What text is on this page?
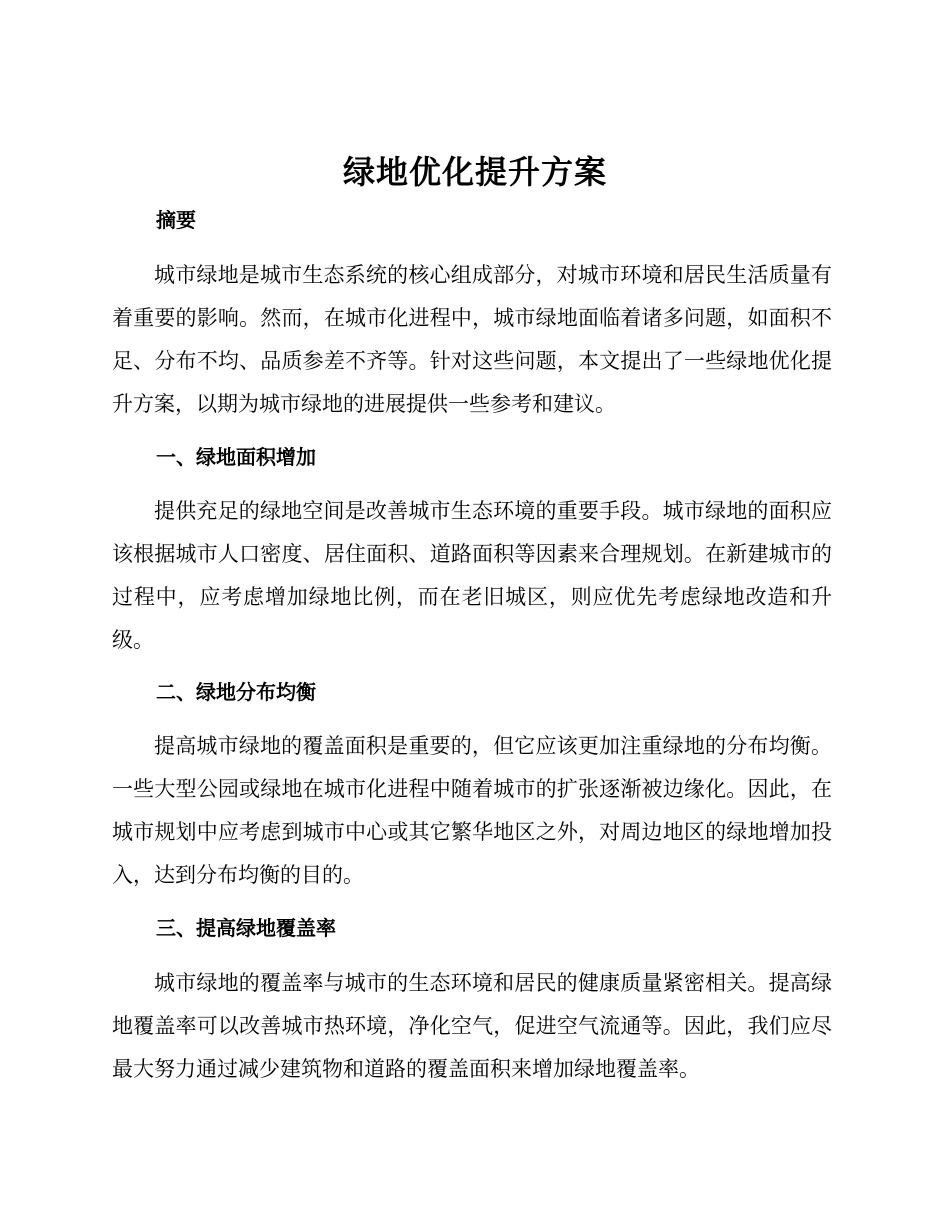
绿地优化提升方案
摘要

城市绿地是城市生态系统的核心组成部分，对城市环境和居民生活质量有着重要的影响。然而，在城市化进程中，城市绿地面临着诸多问题，如面积不足、分布不均、品质参差不齐等。针对这些问题，本文提出了一些绿地优化提升方案，以期为城市绿地的进展提供一些参考和建议。

一、绿地面积增加

提供充足的绿地空间是改善城市生态环境的重要手段。城市绿地的面积应该根据城市人口密度、居住面积、道路面积等因素来合理规划。在新建城市的过程中，应考虑增加绿地比例，而在老旧城区，则应优先考虑绿地改造和升级。

二、绿地分布均衡

提高城市绿地的覆盖面积是重要的，但它应该更加注重绿地的分布均衡。一些大型公园或绿地在城市化进程中随着城市的扩张逐渐被边缘化。因此，在城市规划中应考虑到城市中心或其它繁华地区之外，对周边地区的绿地增加投入，达到分布均衡的目的。

三、提高绿地覆盖率

城市绿地的覆盖率与城市的生态环境和居民的健康质量紧密相关。提高绿地覆盖率可以改善城市热环境，净化空气，促进空气流通等。因此，我们应尽最大努力通过减少建筑物和道路的覆盖面积来增加绿地覆盖率。
